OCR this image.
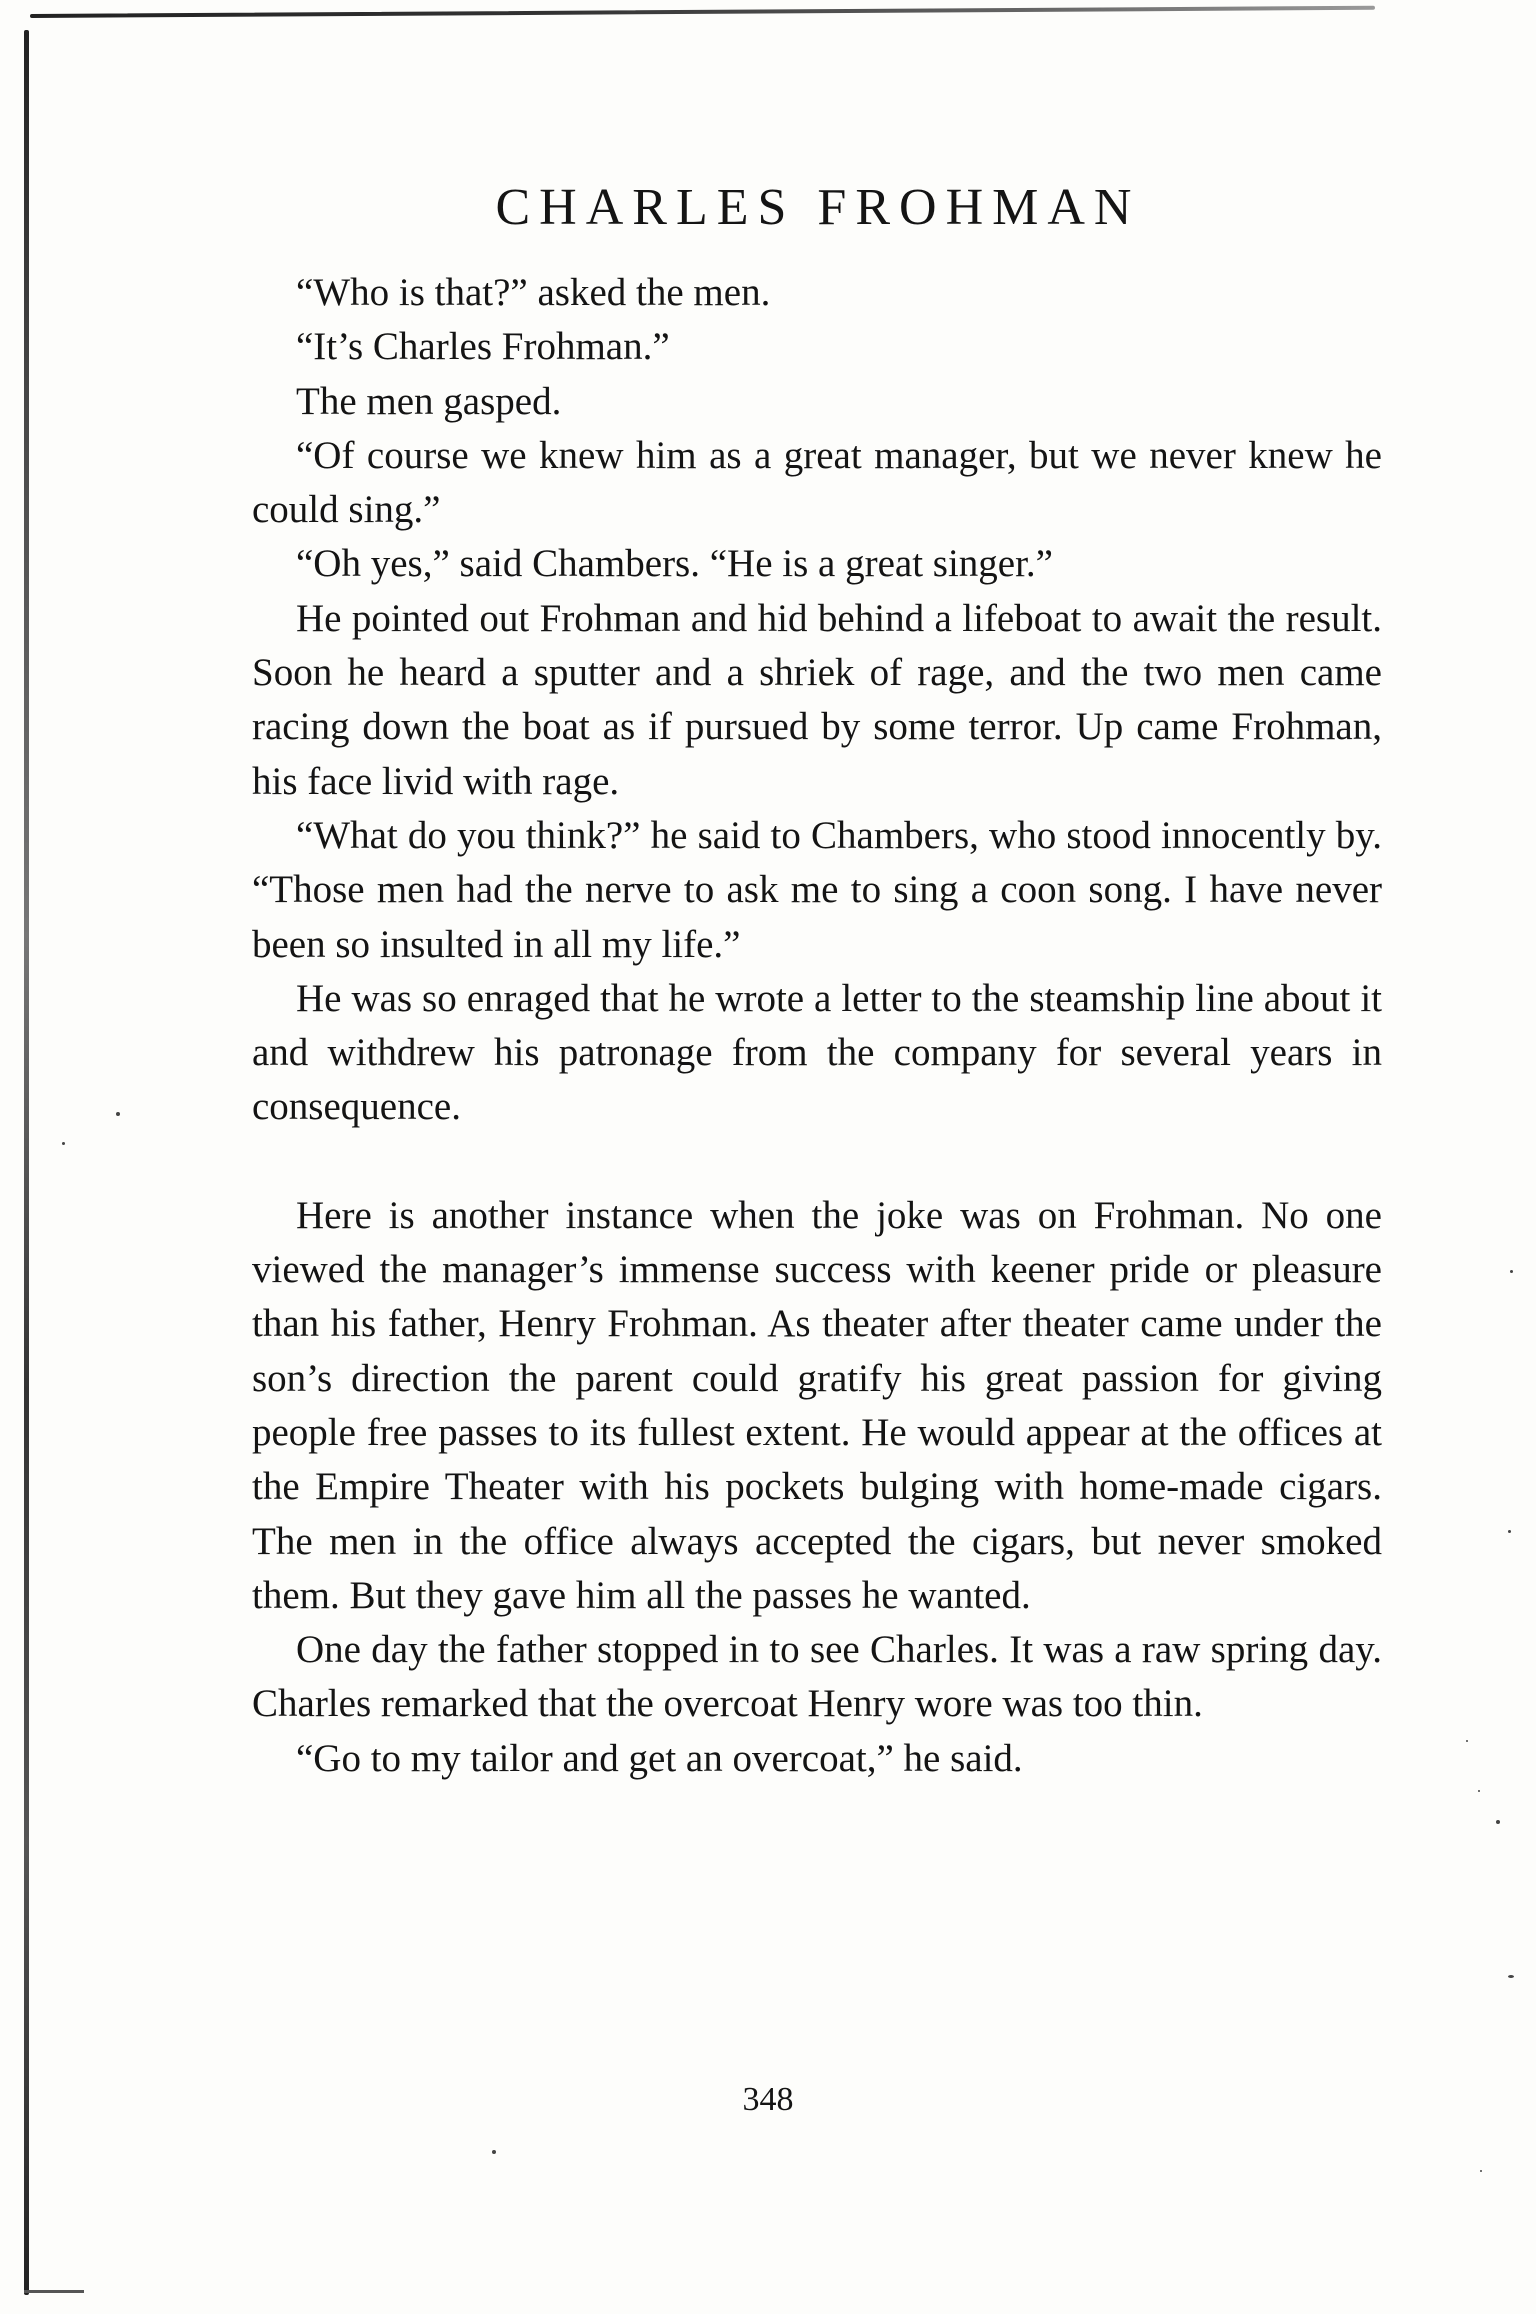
CHARLES FROHMAN

“Who is that?” asked the men.

“It’s Charles Frohman.”

The men gasped.

“Of course we knew him as a great manager, but we never knew he could sing.”

“Oh yes,” said Chambers. “He is a great singer.”

He pointed out Frohman and hid behind a lifeboat to await the result. Soon he heard a sputter and a shriek of rage, and the two men came racing down the boat as if pursued by some terror. Up came Frohman, his face livid with rage.

“What do you think?” he said to Chambers, who stood innocently by. “Those men had the nerve to ask me to sing a coon song. I have never been so insulted in all my life.”

He was so enraged that he wrote a letter to the steamship line about it and withdrew his patronage from the company for several years in consequence.

Here is another instance when the joke was on Frohman. No one viewed the manager’s immense success with keener pride or pleasure than his father, Henry Frohman. As theater after theater came under the son’s direction the parent could gratify his great passion for giving people free passes to its fullest extent. He would appear at the offices at the Empire Theater with his pockets bulging with home-made cigars. The men in the office always accepted the cigars, but never smoked them. But they gave him all the passes he wanted.

One day the father stopped in to see Charles. It was a raw spring day. Charles remarked that the overcoat Henry wore was too thin.

“Go to my tailor and get an overcoat,” he said.

348
